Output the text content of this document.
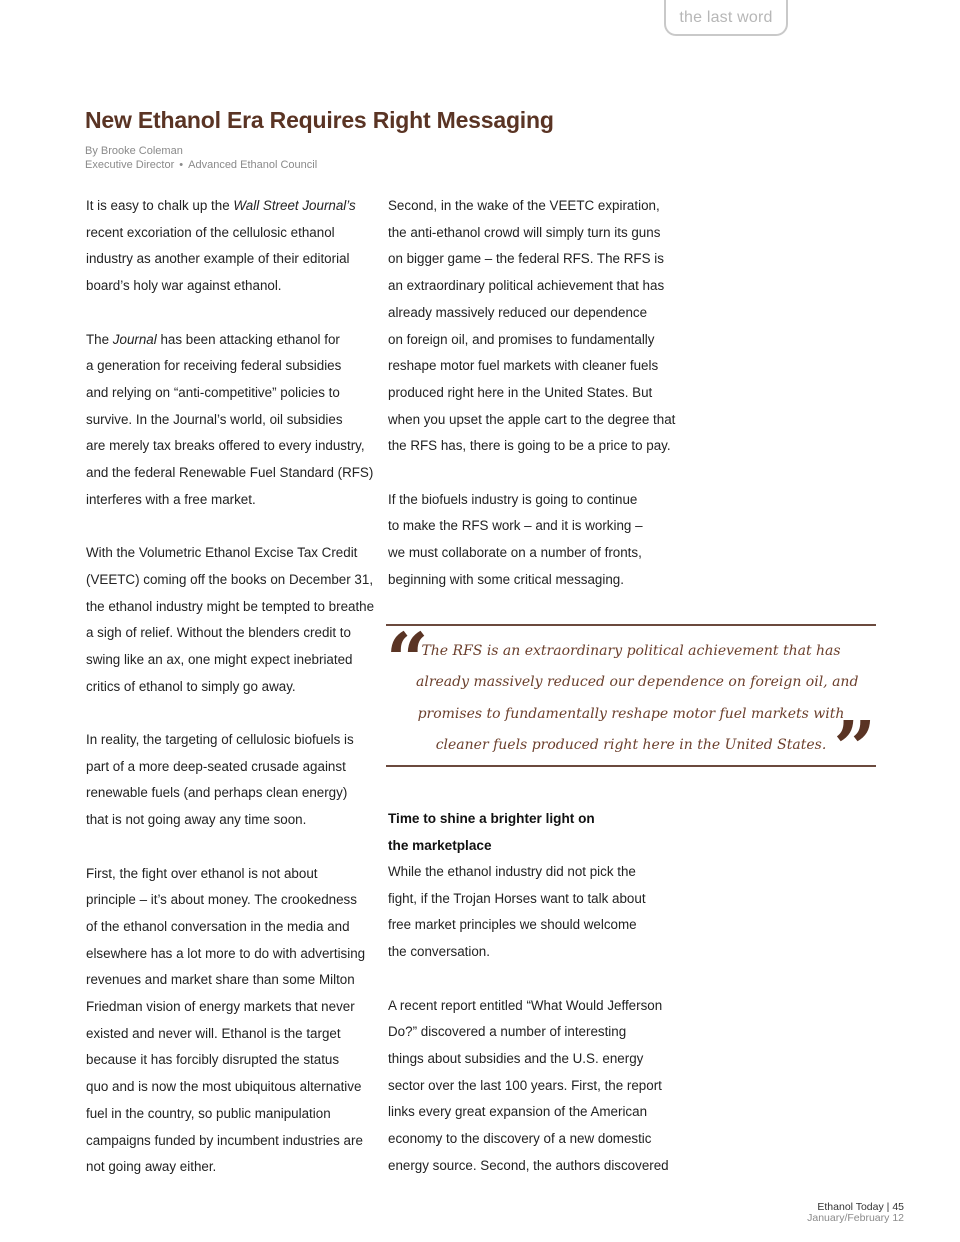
the last word
New Ethanol Era Requires Right Messaging
By Brooke Coleman
Executive Director • Advanced Ethanol Council

It is easy to chalk up the Wall Street Journal’s
recent excoriation of the cellulosic ethanol
industry as another example of their editorial
board’s holy war against ethanol.

The Journal has been attacking ethanol for
a generation for receiving federal subsidies
and relying on “anti-competitive” policies to
survive. In the Journal’s world, oil subsidies
are merely tax breaks offered to every industry,
and the federal Renewable Fuel Standard (RFS)
interferes with a free market.

With the Volumetric Ethanol Excise Tax Credit
(VEETC) coming off the books on December 31,
the ethanol industry might be tempted to breathe
a sigh of relief. Without the blenders credit to
swing like an ax, one might expect inebriated
critics of ethanol to simply go away.

In reality, the targeting of cellulosic biofuels is
part of a more deep-seated crusade against
renewable fuels (and perhaps clean energy)
that is not going away any time soon.

First, the fight over ethanol is not about
principle – it’s about money. The crookedness
of the ethanol conversation in the media and
elsewhere has a lot more to do with advertising
revenues and market share than some Milton
Friedman vision of energy markets that never
existed and never will. Ethanol is the target
because it has forcibly disrupted the status
quo and is now the most ubiquitous alternative
fuel in the country, so public manipulation
campaigns funded by incumbent industries are
not going away either.

Second, in the wake of the VEETC expiration,
the anti-ethanol crowd will simply turn its guns
on bigger game – the federal RFS. The RFS is
an extraordinary political achievement that has
already massively reduced our dependence
on foreign oil, and promises to fundamentally
reshape motor fuel markets with cleaner fuels
produced right here in the United States. But
when you upset the apple cart to the degree that
the RFS has, there is going to be a price to pay.

If the biofuels industry is going to continue
to make the RFS work – and it is working –
we must collaborate on a number of fronts,
beginning with some critical messaging.

“
The RFS is an extraordinary political achievement that has
already massively reduced our dependence on foreign oil, and
promises to fundamentally reshape motor fuel markets with
cleaner fuels produced right here in the United States. ”
Time to shine a brighter light on
the marketplace

While the ethanol industry did not pick the
fight, if the Trojan Horses want to talk about
free market principles we should welcome
the conversation.

A recent report entitled “What Would Jefferson
Do?” discovered a number of interesting
things about subsidies and the U.S. energy
sector over the last 100 years. First, the report
links every great expansion of the American
economy to the discovery of a new domestic
energy source. Second, the authors discovered

Ethanol Today | 45
January/February 12
